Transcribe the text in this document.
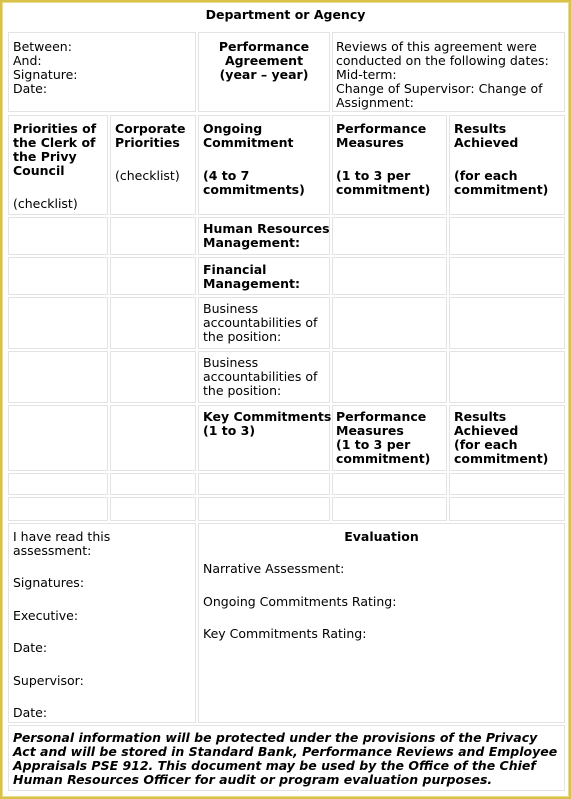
Department or Agency
Between:
And:
Signature:
Date:
Performance
Agreement
(year – year)
Reviews of this agreement were
conducted on the following dates:
Mid-term:
Change of Supervisor: Change of
Assignment:
Priorities of
the Clerk of
the Privy
Council
(checklist)
Corporate
Priorities
(checklist)
Ongoing
Commitment
(4 to 7
commitments)
Performance
Measures
(1 to 3 per
commitment)
Results
Achieved
(for each
commitment)
Human Resources
Management:
Financial
Management:
Business
accountabilities of
the position:
Business
accountabilities of
the position:
Key Commitments
(1 to 3)
Performance
Measures
(1 to 3 per
commitment)
Results
Achieved
(for each
commitment)
I have read this
assessment:
Signatures:
Executive:
Date:
Supervisor:
Date:
Evaluation
Narrative Assessment:
Ongoing Commitments Rating:
Key Commitments Rating:
Personal information will be protected under the provisions of the Privacy Act and will be stored in Standard Bank, Performance Reviews and Employee Appraisals PSE 912. This document may be used by the Office of the Chief Human Resources Officer for audit or program evaluation purposes.
